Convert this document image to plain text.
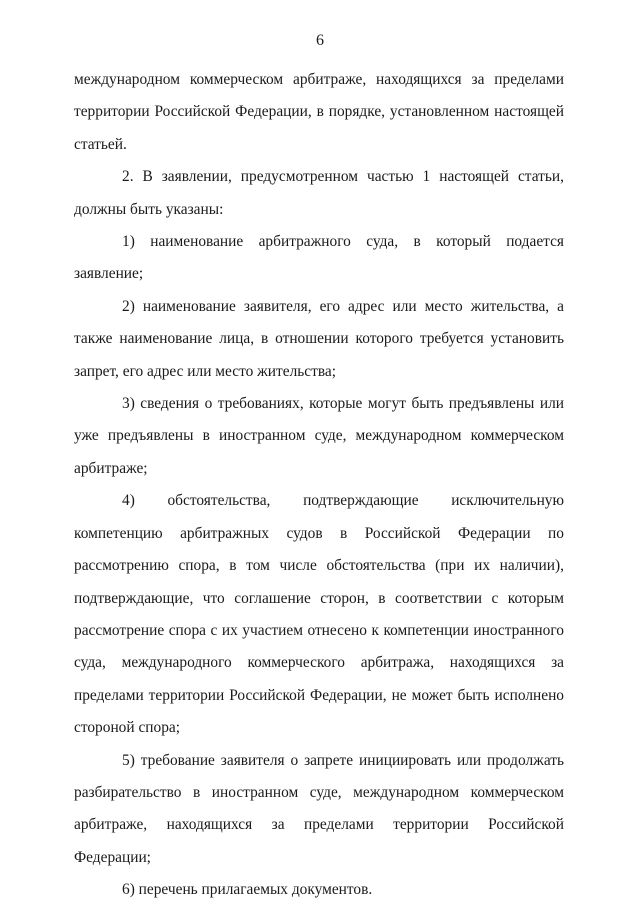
6

международном коммерческом арбитраже, находящихся за пределами территории Российской Федерации, в порядке, установленном настоящей статьей.

2. В заявлении, предусмотренном частью 1 настоящей статьи, должны быть указаны:

1) наименование арбитражного суда, в который подается заявление;

2) наименование заявителя, его адрес или место жительства, а также наименование лица, в отношении которого требуется установить запрет, его адрес или место жительства;

3) сведения о требованиях, которые могут быть предъявлены или уже предъявлены в иностранном суде, международном коммерческом арбитраже;

4) обстоятельства, подтверждающие исключительную компетенцию арбитражных судов в Российской Федерации по рассмотрению спора, в том числе обстоятельства (при их наличии), подтверждающие, что соглашение сторон, в соответствии с которым рассмотрение спора с их участием отнесено к компетенции иностранного суда, международного коммерческого арбитража, находящихся за пределами территории Российской Федерации, не может быть исполнено стороной спора;

5) требование заявителя о запрете инициировать или продолжать разбирательство в иностранном суде, международном коммерческом арбитраже, находящихся за пределами территории Российской Федерации;

6) перечень прилагаемых документов.
